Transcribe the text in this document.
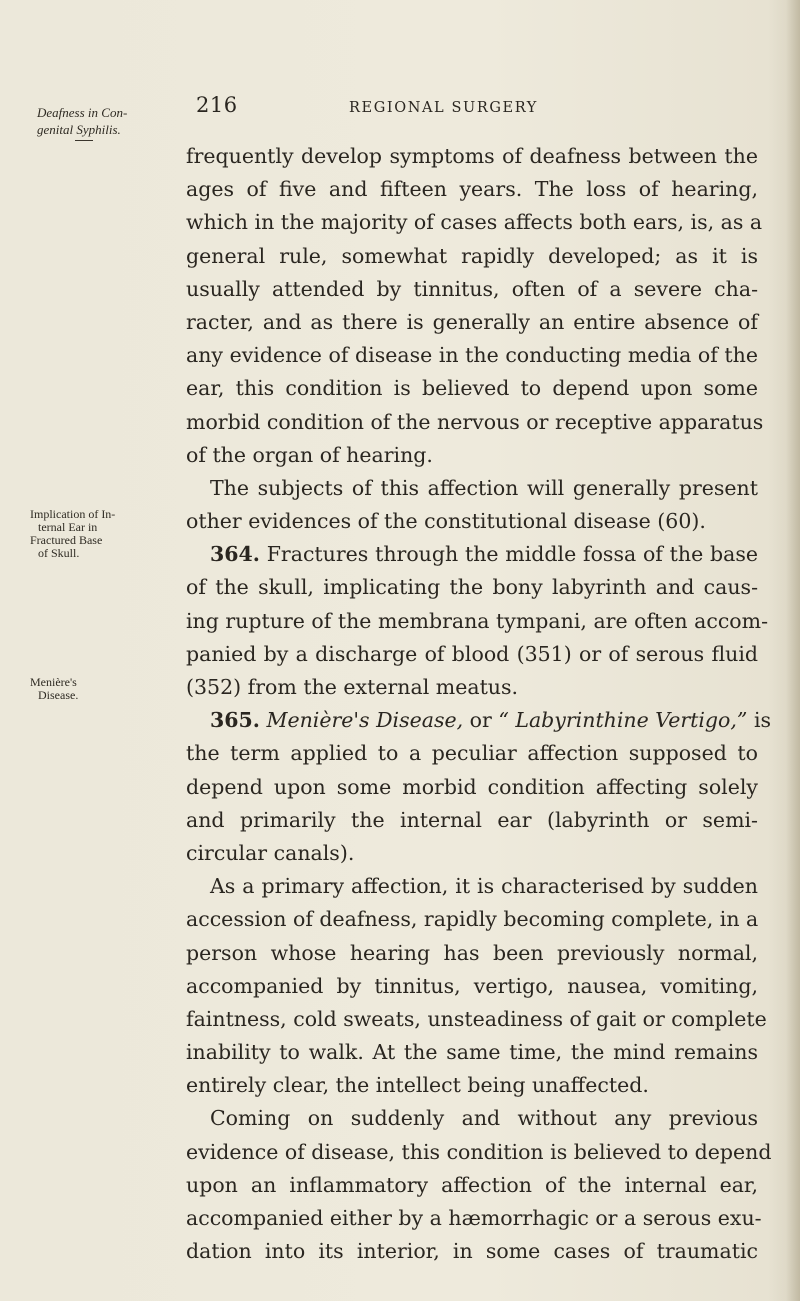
Deafness in Con-
genital Syphilis.
216	REGIONAL SURGERY
Implication of In-
ternal Ear in
Fractured Base
of Skull.
Menière's
Disease.
frequently develop symptoms of deafness between the
ages of five and fifteen years. The loss of hearing,
which in the majority of cases affects both ears, is, as a
general rule, somewhat rapidly developed; as it is
usually attended by tinnitus, often of a severe cha-
racter, and as there is generally an entire absence of
any evidence of disease in the conducting media of the
ear, this condition is believed to depend upon some
morbid condition of the nervous or receptive apparatus
of the organ of hearing.
The subjects of this affection will generally present
other evidences of the constitutional disease (60).
364. Fractures through the middle fossa of the base
of the skull, implicating the bony labyrinth and caus-
ing rupture of the membrana tympani, are often accom-
panied by a discharge of blood (351) or of serous fluid
(352) from the external meatus.
365. Menière's Disease, or “ Labyrinthine Vertigo,” is
the term applied to a peculiar affection supposed to
depend upon some morbid condition affecting solely
and primarily the internal ear (labyrinth or semi-
circular canals).
As a primary affection, it is characterised by sudden
accession of deafness, rapidly becoming complete, in a
person whose hearing has been previously normal,
accompanied by tinnitus, vertigo, nausea, vomiting,
faintness, cold sweats, unsteadiness of gait or complete
inability to walk. At the same time, the mind remains
entirely clear, the intellect being unaffected.
Coming on suddenly and without any previous
evidence of disease, this condition is believed to depend
upon an inflammatory affection of the internal ear,
accompanied either by a hæmorrhagic or a serous exu-
dation into its interior, in some cases of traumatic
